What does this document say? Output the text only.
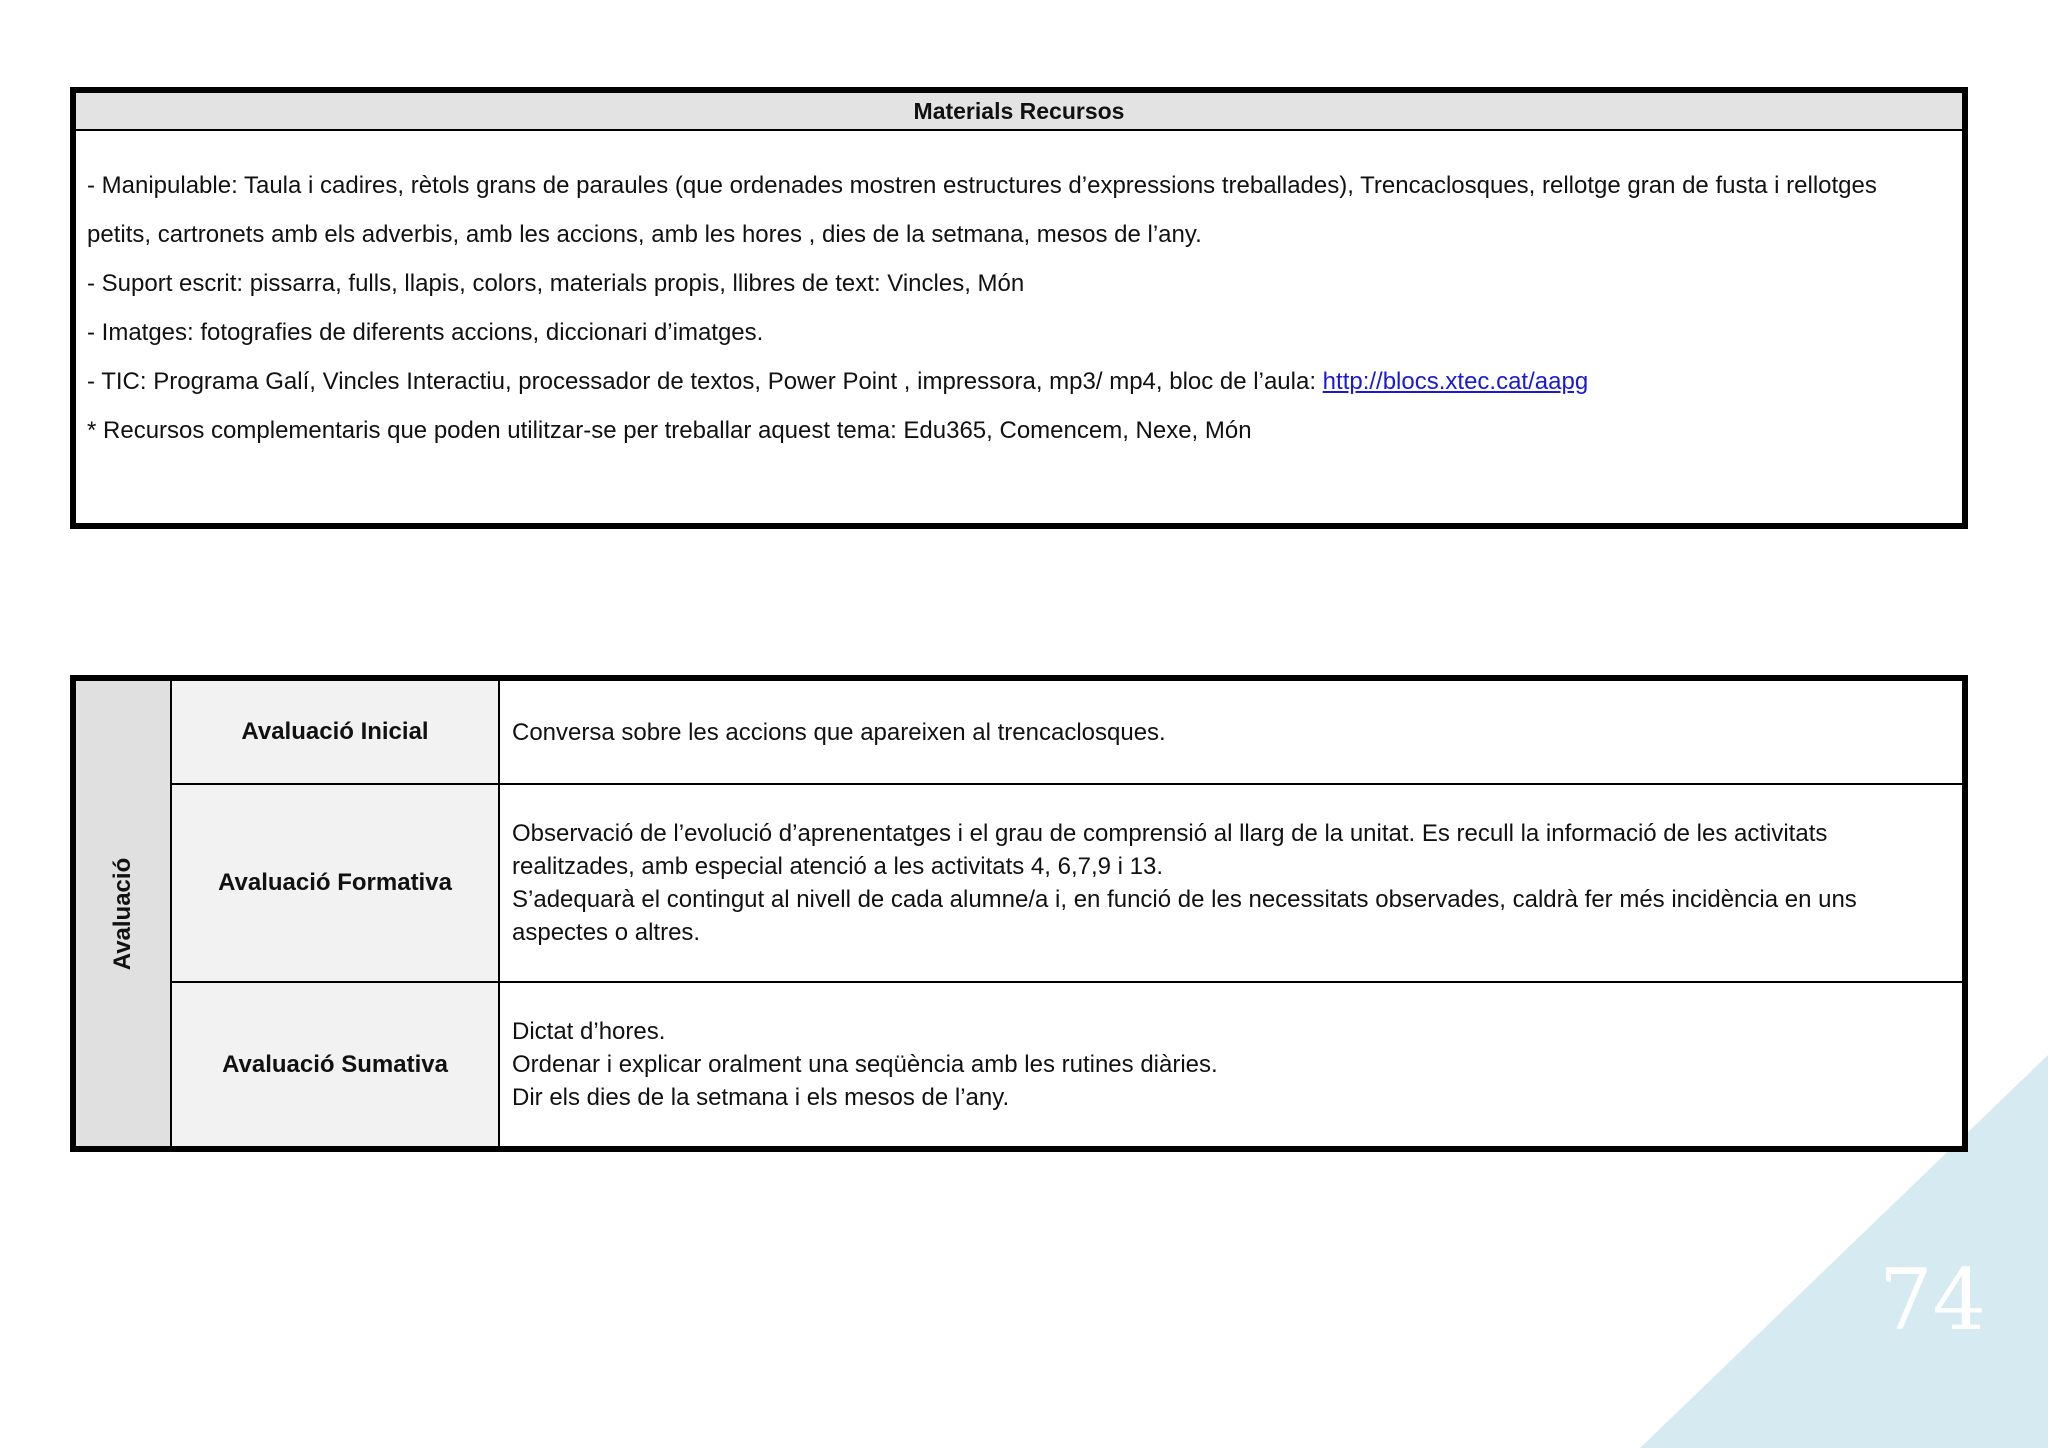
74
Materials Recursos

- Manipulable: Taula i cadires, rètols grans de paraules (que ordenades mostren estructures d’expressions treballades), Trencaclosques, rellotge gran de fusta i rellotges

petits, cartronets amb els adverbis, amb les accions, amb les hores , dies de la setmana, mesos de l’any.

- Suport escrit: pissarra, fulls, llapis, colors, materials propis, llibres de text: Vincles, Món

- Imatges: fotografies de diferents accions, diccionari d’imatges.

- TIC: Programa Galí, Vincles Interactiu, processador de textos, Power Point , impressora, mp3/ mp4, bloc de l’aula: http://blocs.xtec.cat/aapg

* Recursos complementaris que poden utilitzar-se per treballar aquest tema: Edu365, Comencem, Nexe, Món

Avaluació
Avaluació Inicial	Conversa sobre les accions que apareixen al trencaclosques.

Avaluació Formativa

Observació de l’evolució d’aprenentatges i el grau de comprensió al llarg de la unitat. Es recull la informació de les activitats

realitzades, amb especial atenció a les activitats 4, 6,7,9 i 13.

S’adequarà el contingut al nivell de cada alumne/a i, en funció de les necessitats observades, caldrà fer més incidència en uns

aspectes o altres.

Avaluació Sumativa

Dictat d’hores.

Ordenar i explicar oralment una seqüència amb les rutines diàries.

Dir els dies de la setmana i els mesos de l’any.
